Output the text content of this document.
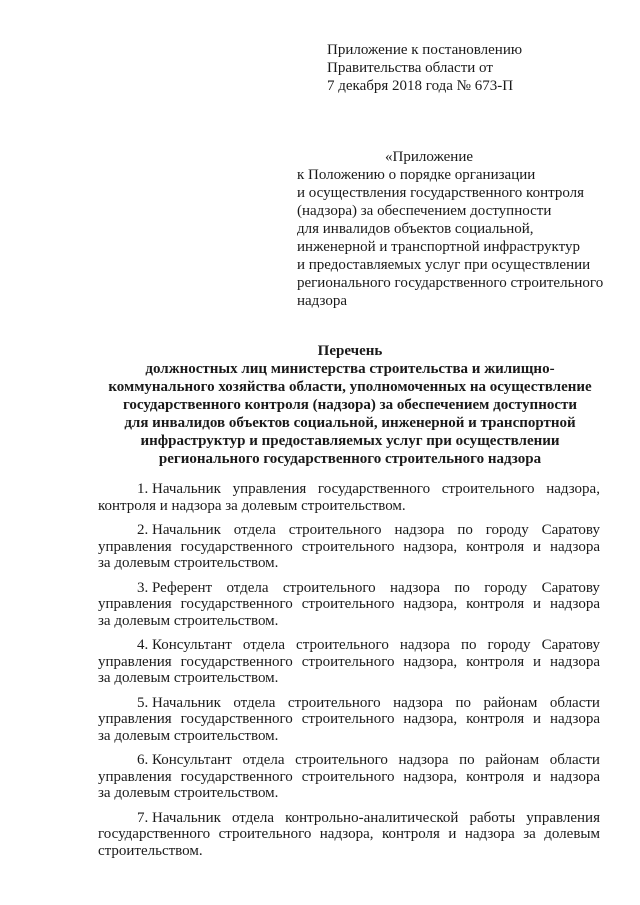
Приложение к постановлению
Правительства области от
7 декабря 2018 года № 673-П
«Приложение
к Положению о порядке организации
и осуществления государственного контроля
(надзора) за обеспечением доступности
для инвалидов объектов социальной,
инженерной и транспортной инфраструктур
и предоставляемых услуг при осуществлении
регионального государственного строительного
надзора
Перечень
должностных лиц министерства строительства и жилищно-
коммунального хозяйства области, уполномоченных на осуществление
государственного контроля (надзора) за обеспечением доступности
для инвалидов объектов социальной, инженерной и транспортной
инфраструктур и предоставляемых услуг при осуществлении
регионального государственного строительного надзора
1. Начальник управления государственного строительного надзора,
контроля и надзора за долевым строительством.
2. Начальник отдела строительного надзора по городу Саратову
управления государственного строительного надзора, контроля и надзора
за долевым строительством.
3. Референт отдела строительного надзора по городу Саратову
управления государственного строительного надзора, контроля и надзора
за долевым строительством.
4. Консультант отдела строительного надзора по городу Саратову
управления государственного строительного надзора, контроля и надзора
за долевым строительством.
5. Начальник отдела строительного надзора по районам области
управления государственного строительного надзора, контроля и надзора
за долевым строительством.
6. Консультант отдела строительного надзора по районам области
управления государственного строительного надзора, контроля и надзора
за долевым строительством.
7. Начальник отдела контрольно-аналитической работы управления
государственного строительного надзора, контроля и надзора за долевым
строительством.
